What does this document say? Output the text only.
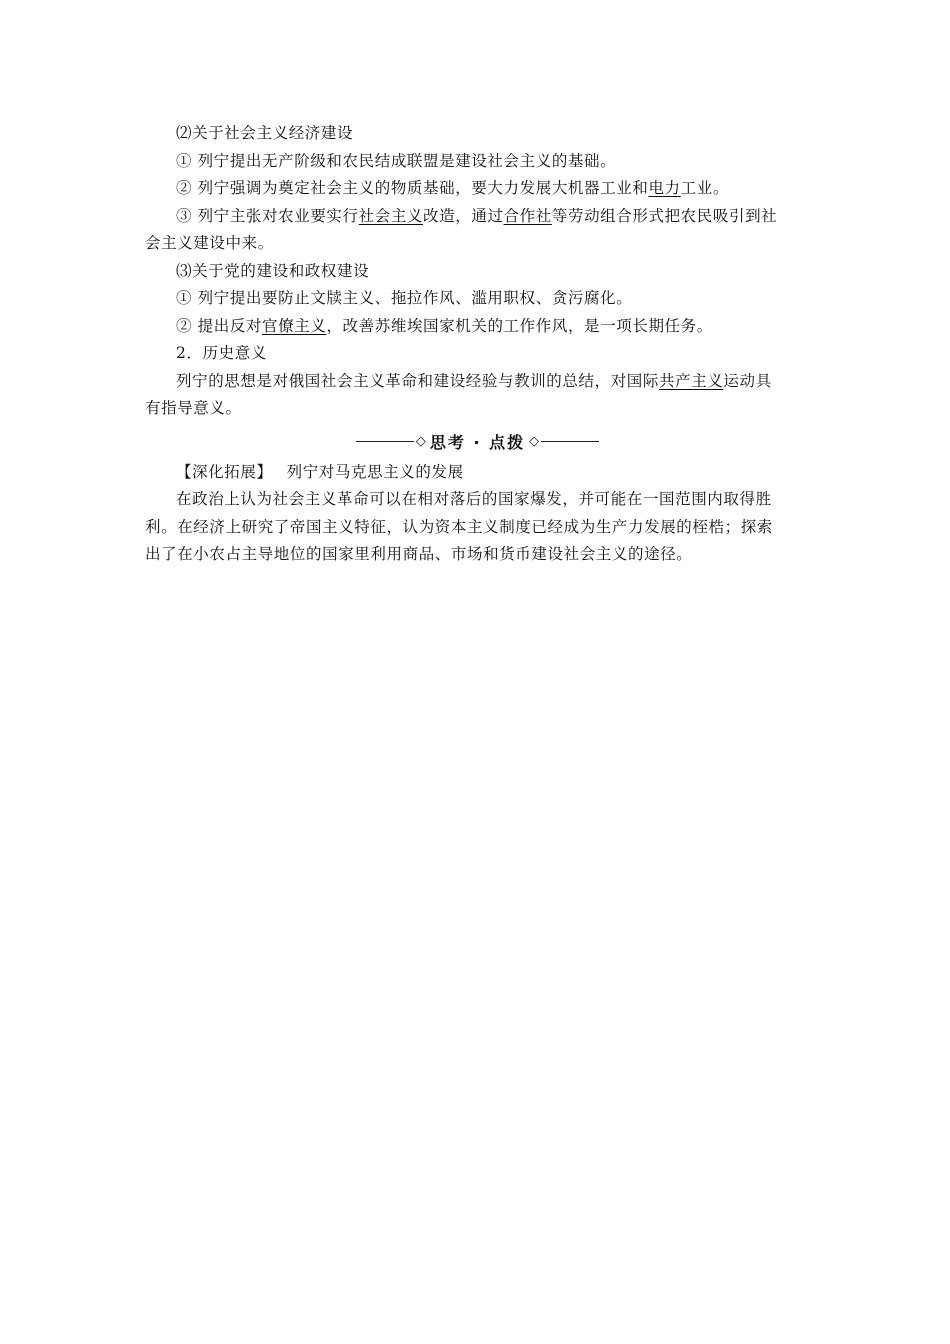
⑵关于社会主义经济建设
① 列宁提出无产阶级和农民结成联盟是建设社会主义的基础。
② 列宁强调为奠定社会主义的物质基础，要大力发展大机器工业和电力工业。
③ 列宁主张对农业要实行社会主义改造，通过合作社等劳动组合形式把农民吸引到社
会主义建设中来。
⑶关于党的建设和政权建设
① 列宁提出要防止文牍主义、拖拉作风、滥用职权、贪污腐化。
② 提出反对官僚主义，改善苏维埃国家机关的工作作风，是一项长期任务。
2．历史意义
列宁的思想是对俄国社会主义革命和建设经验与教训的总结，对国际共产主义运动具
有指导意义。
◇ 思考 · 点拨 ◇
【深化拓展】 列宁对马克思主义的发展
在政治上认为社会主义革命可以在相对落后的国家爆发，并可能在一国范围内取得胜
利。在经济上研究了帝国主义特征，认为资本主义制度已经成为生产力发展的桎梏；探索
出了在小农占主导地位的国家里利用商品、市场和货币建设社会主义的途径。
